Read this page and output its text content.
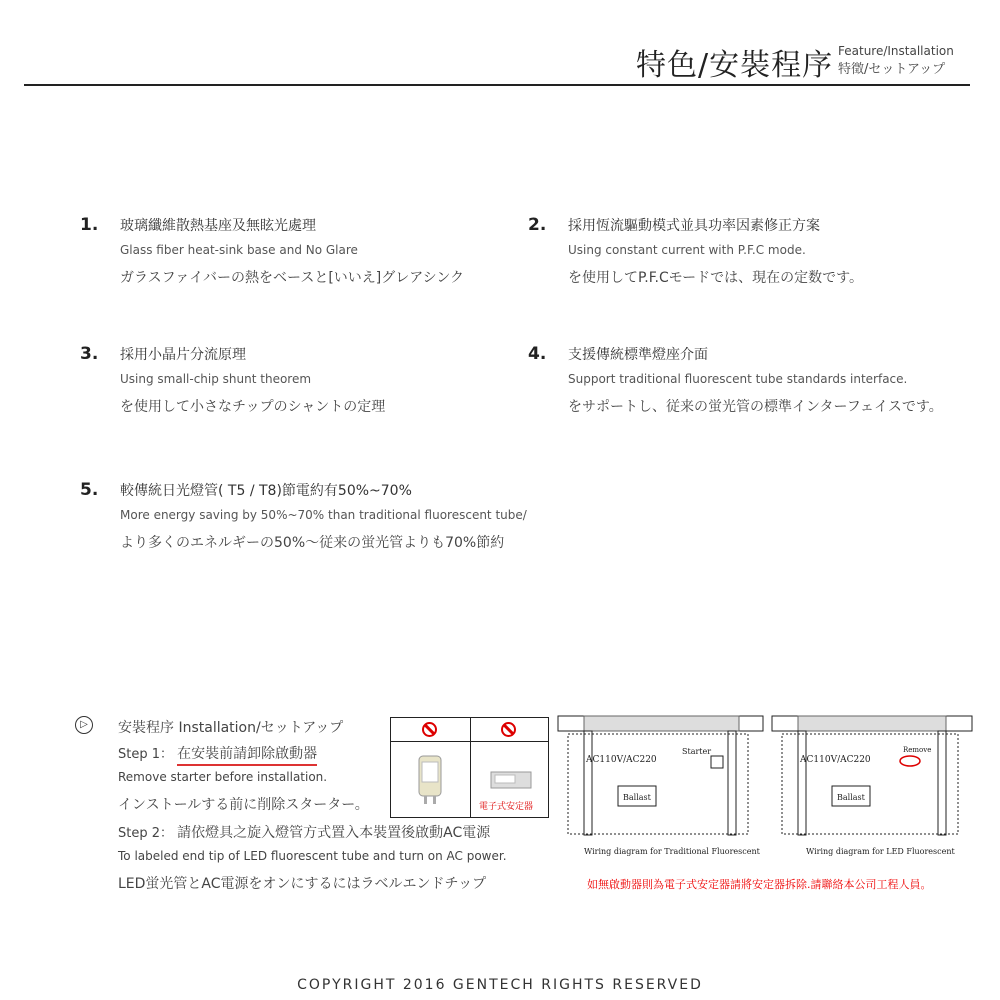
特色/安裝程序 Feature/Installation
特徵/セットアップ
1. 玻璃纖維散熱基座及無眩光處理
Glass fiber heat-sink base and No Glare
ガラスファイバーの熱をベースと[いいえ]グレアシンク
2. 採用恆流驅動模式並具功率因素修正方案
Using constant current with P.F.C mode.
を使用してP.F.Cモードでは、現在の定数です。
3. 採用小晶片分流原理
Using small-chip shunt theorem
を使用して小さなチップのシャントの定理
4. 支援傳統標準燈座介面
Support traditional fluorescent tube standards interface.
をサポートし、従来の蛍光管の標準インターフェイスです。
5. 較傳統日光燈管( T5 / T8)節電約有50%~70%
More energy saving by 50%~70% than traditional fluorescent tube/
より多くのエネルギーの50%～従来の蛍光管よりも70%節約
▷	安裝程序 Installation/セットアップ
Step 1： 在安裝前請卸除啟動器
Remove starter before installation.
インストールする前に削除スターター。
Step 2： 請依燈具之旋入燈管方式置入本裝置後啟動AC電源
To labeled end tip of LED fluorescent tube and turn on AC power.
LED蛍光管とAC電源をオンにするにはラベルエンドチップ
電子式安定器
AC110V/AC220
Starter
Ballast
Wiring diagram for Traditional Fluorescent
AC110V/AC220
Remove
Ballast
Wiring diagram for LED Fluorescent
如無啟動器則為電子式安定器請將安定器拆除.請聯絡本公司工程人員。
COPYRIGHT 2016 GENTECH RIGHTS RESERVED
